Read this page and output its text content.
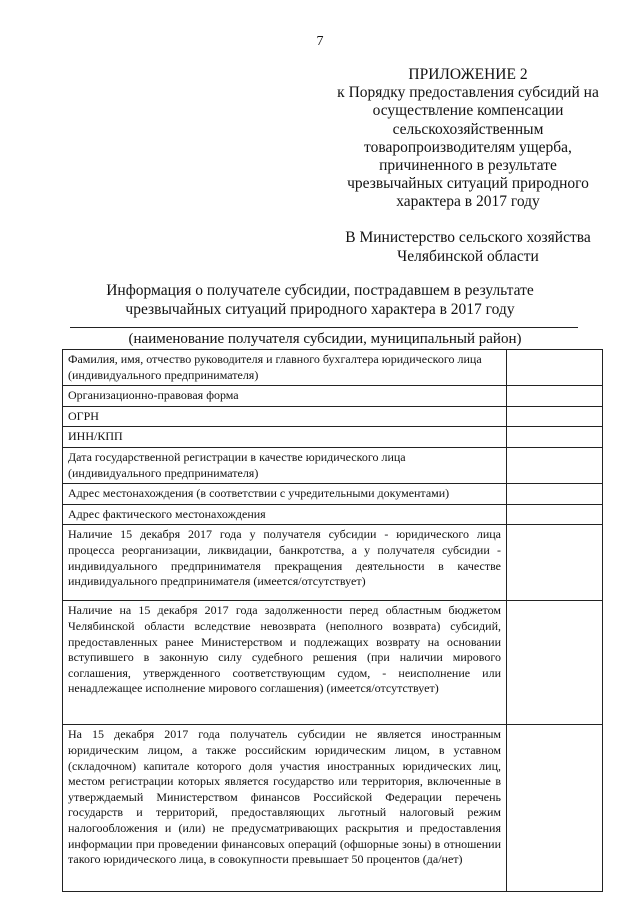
7
ПРИЛОЖЕНИЕ 2
к Порядку предоставления субсидий на
осуществление компенсации
сельскохозяйственным
товаропроизводителям ущерба,
причиненного в результате
чрезвычайных ситуаций природного
характера в 2017 году
В Министерство сельского хозяйства
Челябинской области
Информация о получателе субсидии, пострадавшем в результате
чрезвычайных ситуаций природного характера в 2017 году
(наименование получателя субсидии, муниципальный район)
Фамилия, имя, отчество руководителя и главного бухгалтера юридического лица (индивидуального предпринимателя)	
Организационно-правовая форма	
ОГРН	
ИНН/КПП	
Дата государственной регистрации в качестве юридического лица (индивидуального предпринимателя)	
Адрес местонахождения (в соответствии с учредительными документами)	
Адрес фактического местонахождения	
Наличие 15 декабря 2017 года у получателя субсидии - юридического лица процесса реорганизации, ликвидации, банкротства, а у получателя субсидии - индивидуального предпринимателя прекращения деятельности в качестве индивидуального предпринимателя (имеется/отсутствует)	
Наличие на 15 декабря 2017 года задолженности перед областным бюджетом Челябинской области вследствие невозврата (неполного возврата) субсидий, предоставленных ранее Министерством и подлежащих возврату на основании вступившего в законную силу судебного решения (при наличии мирового соглашения, утвержденного соответствующим судом, - неисполнение или ненадлежащее исполнение мирового соглашения) (имеется/отсутствует)	
На 15 декабря 2017 года получатель субсидии не является иностранным юридическим лицом, а также российским юридическим лицом, в уставном (складочном) капитале которого доля участия иностранных юридических лиц, местом регистрации которых является государство или территория, включенные в утверждаемый Министерством финансов Российской Федерации перечень государств и территорий, предоставляющих льготный налоговый режим налогообложения и (или) не предусматривающих раскрытия и предоставления информации при проведении финансовых операций (офшорные зоны) в отношении такого юридического лица, в совокупности превышает 50 процентов (да/нет)	
